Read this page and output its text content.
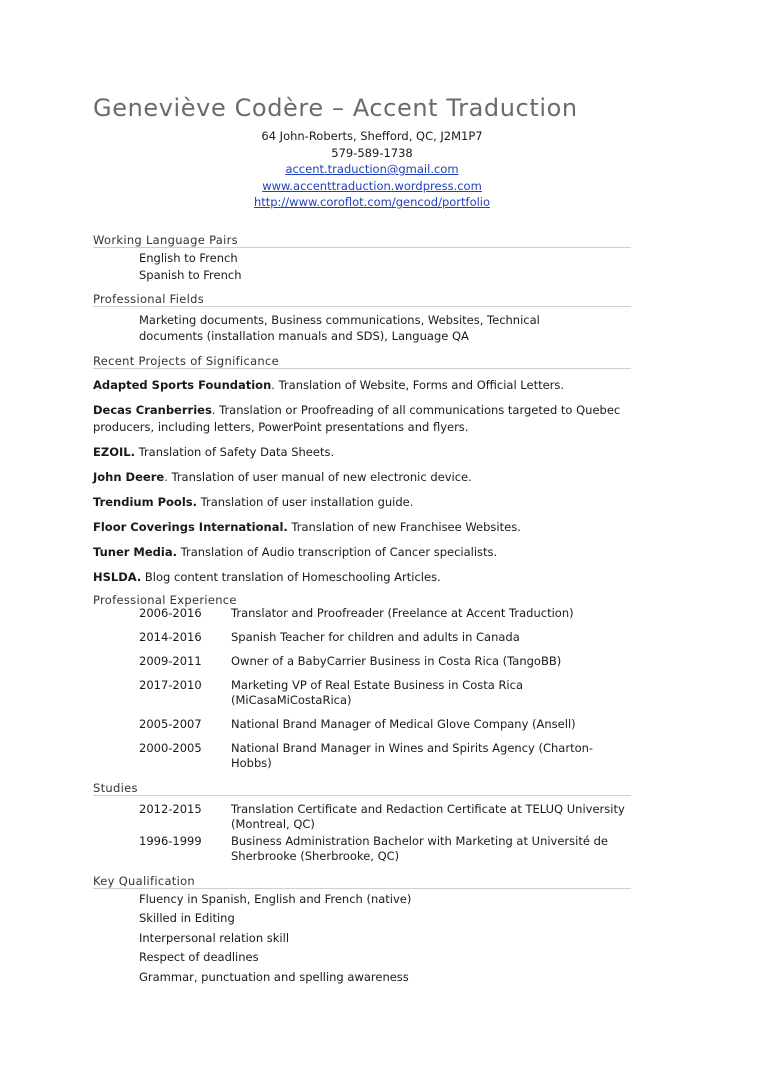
Geneviève Codère – Accent Traduction
64 John-Roberts, Shefford, QC, J2M1P7
579-589-1738
accent.traduction@gmail.com
www.accenttraduction.wordpress.com
http://www.coroflot.com/gencod/portfolio
Working Language Pairs
English to French
Spanish to French
Professional Fields
Marketing documents, Business communications, Websites, Technical
documents (installation manuals and SDS), Language QA
Recent Projects of Significance
Adapted Sports Foundation. Translation of Website, Forms and Official Letters.
Decas Cranberries. Translation or Proofreading of all communications targeted to Quebec producers, including letters, PowerPoint presentations and flyers.
EZOIL. Translation of Safety Data Sheets.
John Deere. Translation of user manual of new electronic device.
Trendium Pools. Translation of user installation guide.
Floor Coverings International. Translation of new Franchisee Websites.
Tuner Media. Translation of Audio transcription of Cancer specialists.
HSLDA. Blog content translation of Homeschooling Articles.
Professional Experience
2006-2016	Translator and Proofreader (Freelance at Accent Traduction)
2014-2016	Spanish Teacher for children and adults in Canada
2009-2011	Owner of a BabyCarrier Business in Costa Rica (TangoBB)
2017-2010	Marketing VP of Real Estate Business in Costa Rica (MiCasaMiCostaRica)
2005-2007	National Brand Manager of Medical Glove Company (Ansell)
2000-2005	National Brand Manager in Wines and Spirits Agency (Charton-Hobbs)
Studies
2012-2015	Translation Certificate and Redaction Certificate at TELUQ University (Montreal, QC)
1996-1999	Business Administration Bachelor with Marketing at Université de Sherbrooke (Sherbrooke, QC)
Key Qualification
Fluency in Spanish, English and French (native)
Skilled in Editing
Interpersonal relation skill
Respect of deadlines
Grammar, punctuation and spelling awareness
